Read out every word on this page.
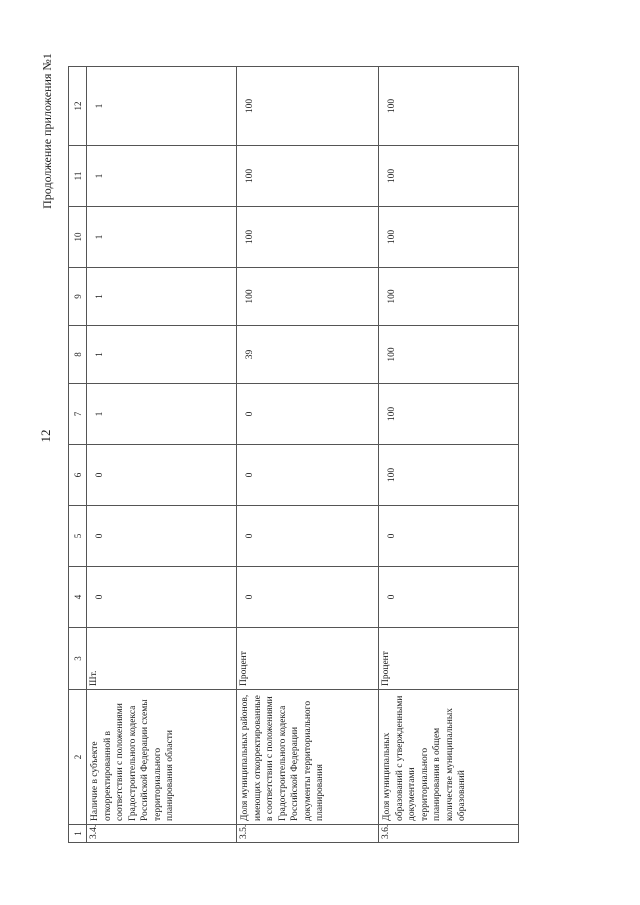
12
Продолжение приложения №1
1	2	3	4	5	6	7	8	9	10	11	12
3.4.	Наличие в субъекте откорректированной в соответствии с положениями Градостроительного кодекса Российской Федерации схемы территориального планирования области	Шт.	0	0	0	1	1	1	1	1	1
3.5.	Доля муниципальных районов, имеющих откорректированные в соответствии с положениями Градостроительного кодекса Российской Федерации документы территориального планирования	Процент	0	0	0	0	39	100	100	100	100
3.6.	Доля муниципальных образований с утвержденными документами территориального планирования в общем количестве муниципальных образований	Процент	0	0	100	100	100	100	100	100	100
